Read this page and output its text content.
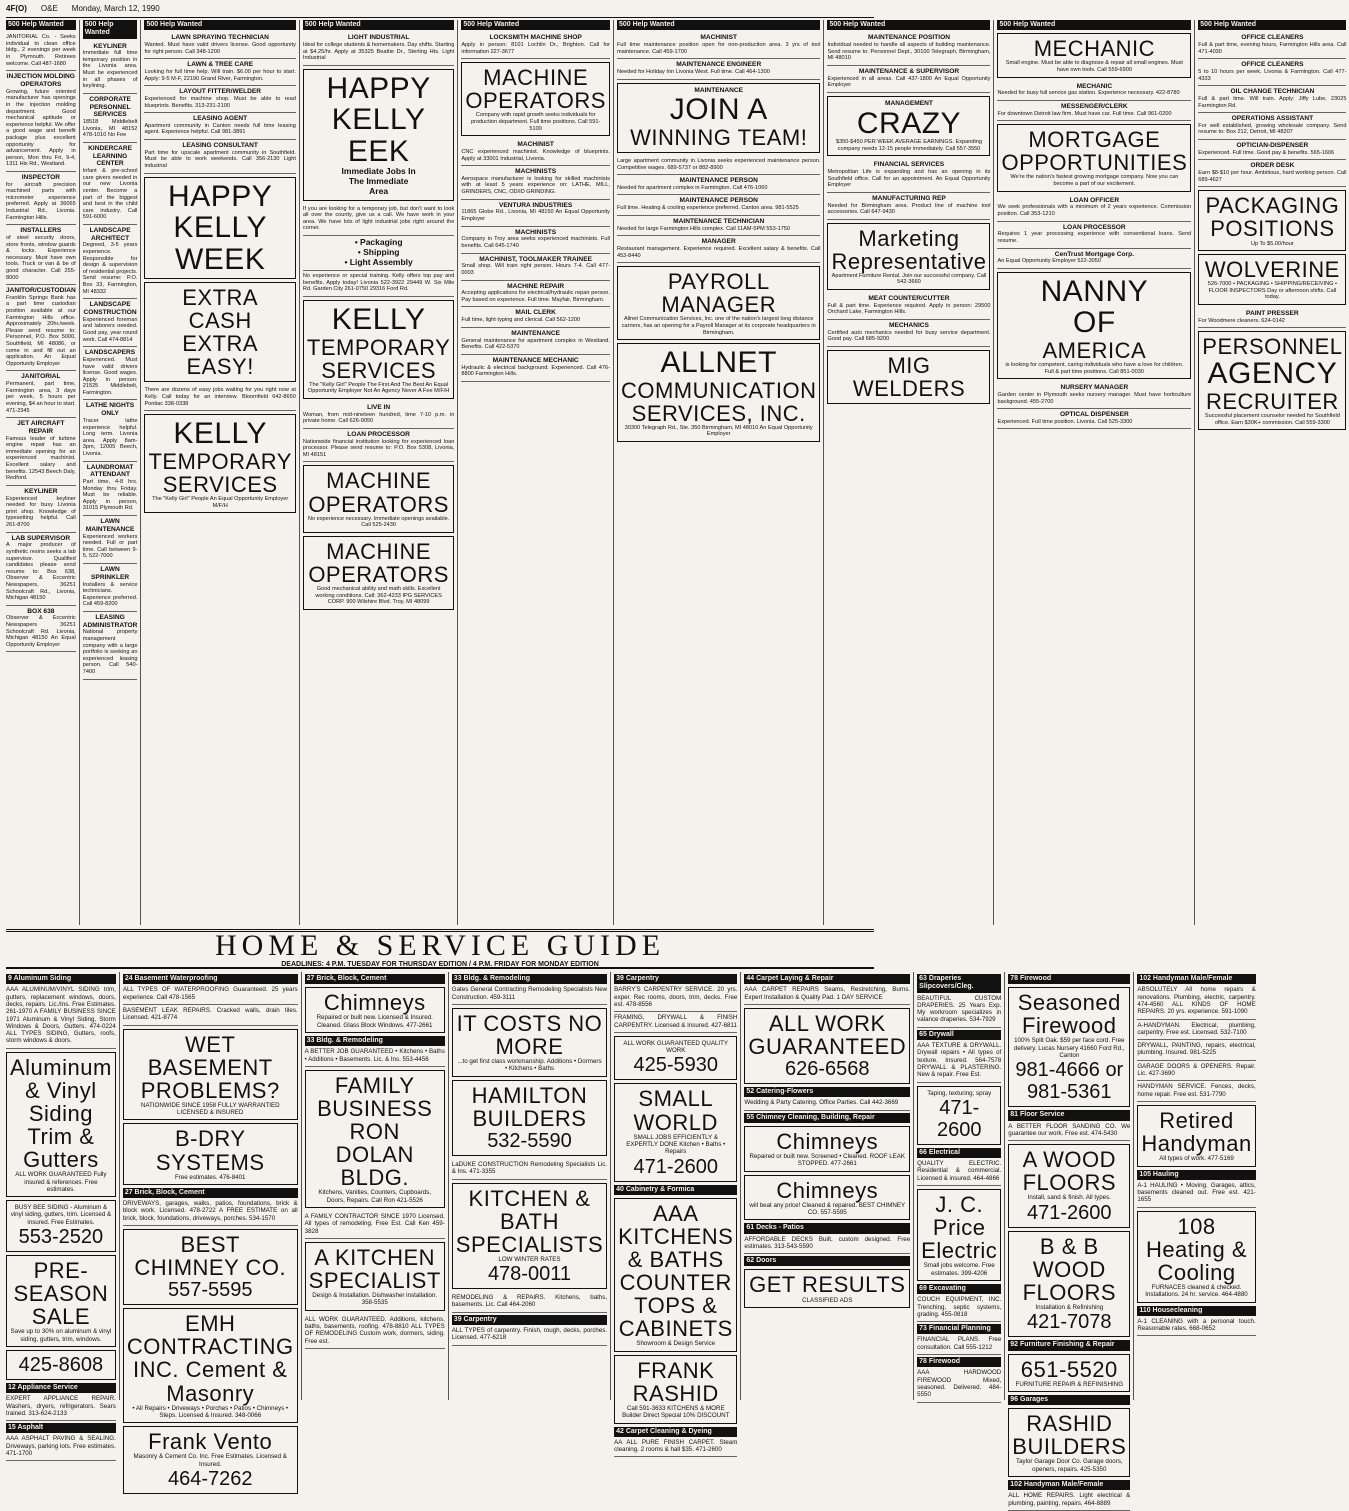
4F(O) O&E Monday, March 12, 1990
500 Help Wanted
JANITORIAL Co. - Seeks individual to clean office bldg., 2 evenings per week in Plymouth. Retirees welcome. Call 487-1680
INJECTION MOLDING OPERATORS
Growing, future oriented manufacturer has openings in the injection molding department. Good mechanical aptitude or experience helpful. We offer a good wage and benefit package plus excellent opportunity for advancement. Apply in person, Mon thru Fri, 9-4, 1311 Hix Rd., Westland.
INSPECTOR
for aircraft precision machined parts with micrometer experience preferred. Apply at 36065 Industrial Rd., Livonia. Farmington Hills.
INSTALLERS
of steel security doors, store fronts, window guards & locks. Experience necessary. Must have own tools. Truck or van & be of good character. Call 255-8000
JANITOR/CUSTODIAN
Franklin Springs Bank has a part time custodian position available at our Farmington Hills office. Approximately 20hr./week. Please send resume to: Personnel, P.O. Box 5000, Southfield, MI 48086, or come in and fill out an application. An Equal Opportunity Employer
JANITORIAL
Permanent, part time, Farmington area, 3 days per week, 5 hours per evening, $4 an hour to start. 471-2345
JET AIRCRAFT REPAIR
Famous leader of turbine engine repair has an immediate opening for an experienced machinist. Excellent salary and benefits. 12543 Beech Daly, Redford.
KEYLINER
Experienced keyliner needed for busy Livonia print shop. Knowledge of typesetting helpful. Call 261-8700
LAB SUPERVISOR
A major producer of synthetic resins seeks a lab supervisor. Qualified candidates please send resume to: Box 638, Observer & Eccentric Newspapers, 36251 Schoolcraft Rd., Livonia, Michigan 48150
BOX 638
Observer & Eccentric Newspapers 36251 Schoolcraft Rd. Livonia, Michigan 48150 An Equal Opportunity Employer
500 Help Wanted
KEYLINER
Immediate full time temporary position in the Livonia area. Must be experienced in all phases of keylining.
CORPORATE PERSONNEL SERVICES
18518 Middlebelt Livonia, MI 48152 478-1010 No Fee
KINDERCARE LEARNING CENTER
Infant & pre-school care givers needed in our new Livonia center. Become a part of the biggest and best in the child care industry. Call 591-6000
LANDSCAPE ARCHITECT
Degreed, 3-5 years experience. Responsible for design & supervision of residential projects. Send resume: P.O. Box 33, Farmington, MI 48332
LANDSCAPE CONSTRUCTION
Experienced foreman and laborers needed. Good pay, year round work. Call 474-8814
LANDSCAPERS
Experienced. Must have valid drivers license. Good wages. Apply in person: 21525 Middlebelt, Farmington.
LATHE NIGHTS ONLY
Tracer lathe experience helpful. Long term. Livonia area. Apply 8am-3pm, 12005 Beech, Livonia.
LAUNDROMAT ATTENDANT
Part time, 4-8 hrs. Monday thru Friday. Must be reliable. Apply in person, 31015 Plymouth Rd.
LAWN MAINTENANCE
Experienced workers needed. Full or part time. Call between 9-5, 522-7000
LAWN SPRINKLER
Installers & service technicians. Experience preferred. Call 459-8200
LEASING ADMINISTRATOR
National property management company with a large portfolio is seeking an experienced leasing person. Call 540-7400
500 Help Wanted
LAWN SPRAYING TECHNICIAN
Wanted. Must have valid drivers license. Good opportunity for right person. Call 348-1200
LAWN & TREE CARE
Looking for full time help. Will train. $6.00 per hour to start. Apply: 9-5 M-F, 22190 Grand River, Farmington.
LAYOUT FITTER/WELDER
Experienced for machine shop. Must be able to read blueprints. Benefits. 313-231-2100
LEASING AGENT
Apartment community in Canton needs full time leasing agent. Experience helpful. Call 981-3891
LEASING CONSULTANT
Part time for upscale apartment community in Southfield. Must be able to work weekends. Call 356-2130 Light industrial
HAPPY
KELLY
WEEK
EXTRA CASH
EXTRA EASY!
There are dozens of easy jobs waiting for you right now at Kelly. Call today for an interview. Bloomfield 642-8650 Pontiac 338-0338
KELLY
TEMPORARY
SERVICES
The "Kelly Girl" People An Equal Opportunity Employer M/F/H
500 Help Wanted
LIGHT INDUSTRIAL
Ideal for college students & homemakers. Day shifts. Starting at $4.25/hr. Apply at 35325 Beattie Dr., Sterling Hts. Light Industrial
HAPPY
KELLY
EEK
Immediate Jobs In
The Immediate
Area
If you are looking for a temporary job, but don't want to look all over the county, give us a call. We have work in your area. We have lots of light industrial jobs right around the corner.
• Packaging
• Shipping
• Light Assembly
No experience or special training. Kelly offers top pay and benefits. Apply today! Livonia 522-3922 29449 W. Six Mile Rd. Garden City 261-0750 29316 Ford Rd.
KELLY
TEMPORARY
SERVICES
The "Kelly Girl" People The First And The Best An Equal Opportunity Employer Not An Agency Never A Fee M/F/H
LIVE IN
Woman, from mid-nineteen hundred, time 7-10 p.m. in private home. Call 626-9050
LOAN PROCESSOR
Nationwide financial institution looking for experienced loan processor. Please send resume to: P.O. Box 5308, Livonia, MI 48151
MACHINE
OPERATORS
No experience necessary. Immediate openings available. Call 525-2430
MACHINE
OPERATORS
Good mechanical ability and math skills. Excellent working conditions. Call: 362-4233 IPG SERVICES CORP. 900 Wilshire Blvd. Troy, MI 48099
500 Help Wanted
LOCKSMITH MACHINE SHOP
Apply in person: 8101 Lochlin Dr., Brighton. Call for information 227-3677
MACHINE
OPERATORS
Company with rapid growth seeks individuals for production department. Full time positions. Call 591-5100
MACHINIST
CNC experienced machinist. Knowledge of blueprints. Apply at 33001 Industrial, Livonia.
MACHINISTS
Aerospace manufacturer is looking for skilled machinists with at least 5 years experience on: LATHE, MILL, GRINDERS, CNC, OD/ID GRINDING.
VENTURA INDUSTRIES
11865 Globe Rd., Livonia, MI 48150 An Equal Opportunity Employer
MACHINISTS
Company in Troy area seeks experienced machinists. Full benefits. Call 645-1740
MACHINIST, TOOLMAKER TRAINEE
Small shop. Will train right person. Hours 7-4. Call 477-0003
MACHINE REPAIR
Accepting applications for electrical/hydraulic repair person. Pay based on experience. Full time. Mayfair, Birmingham.
MAIL CLERK
Full time, light typing and clerical. Call 562-1200
MAINTENANCE
General maintenance for apartment complex in Westland. Benefits. Call 422-5370
MAINTENANCE MECHANIC
Hydraulic & electrical background. Experienced. Call 476-8800 Farmington Hills.
500 Help Wanted
MACHINIST
Full time maintenance position open for non-production area. 3 yrs of tool maintenance. Call 459-1700
MAINTENANCE ENGINEER
Needed for Holiday Inn Livonia West. Full time. Call 464-1300
MAINTENANCE
JOIN A
WINNING TEAM!
Large apartment community in Livonia seeks experienced maintenance person. Competitive wages. 689-5737 or 882-8900
MAINTENANCE PERSON
Needed for apartment complex in Farmington. Call 476-1060
MAINTENANCE PERSON
Full time. Heating & cooling experience preferred. Canton area. 981-5525
MAINTENANCE TECHNICIAN
Needed for large Farmington Hills complex. Call 11AM-5PM 553-1750
MANAGER
Restaurant management. Experience required. Excellent salary & benefits. Call 453-8440
PAYROLL
MANAGER
Allnet Communication Services, Inc. one of the nation's largest long distance carriers, has an opening for a Payroll Manager at its corporate headquarters in Birmingham.
ALLNET
COMMUNICATION
SERVICES, INC.
30300 Telegraph Rd., Ste. 350 Birmingham, MI 48010 An Equal Opportunity Employer
500 Help Wanted
MAINTENANCE POSITION
Individual needed to handle all aspects of building maintenance. Send resume to: Personnel Dept., 30100 Telegraph, Birmingham, MI 48010
MAINTENANCE & SUPERVISOR
Experienced in all areas. Call 437-1800 An Equal Opportunity Employer
MANAGEMENT
CRAZY
$350-$450 PER WEEK AVERAGE EARNINGS. Expanding company needs 12-15 people immediately. Call 557-3550
FINANCIAL SERVICES
Metropolitan Life is expanding and has an opening in its Southfield office. Call for an appointment. An Equal Opportunity Employer
MANUFACTURING REP
Needed for Birmingham area. Product line of machine tool accessories. Call 647-9430
Marketing
Representative
Apartment Furniture Rental. Join our successful company. Call 542-3660
MEAT COUNTER/CUTTER
Full & part time. Experience required. Apply in person: 29500 Orchard Lake, Farmington Hills.
MECHANICS
Certified auto mechanics needed for busy service department. Good pay. Call 685-9200
MIG WELDERS
500 Help Wanted
MECHANIC
Small engine. Must be able to diagnose & repair all small engines. Must have own tools. Call 559-6900
MECHANIC
Needed for busy full service gas station. Experience necessary. 422-8780
MESSENGER/CLERK
For downtown Detroit law firm. Must have car. Full time. Call 961-0200
MORTGAGE
OPPORTUNITIES
We're the nation's fastest growing mortgage company. Now you can become a part of our excitement.
LOAN OFFICER
We seek professionals with a minimum of 2 years experience. Commission position. Call 353-1210
LOAN PROCESSOR
Requires 1 year processing experience with conventional loans. Send resume.
CenTrust Mortgage Corp.
An Equal Opportunity Employer 522-3050
NANNY
OF
AMERICA
is looking for competent, caring individuals who have a love for children. Full & part time positions. Call 851-0030
NURSERY MANAGER
Garden center in Plymouth seeks nursery manager. Must have horticulture background. 455-2700
OPTICAL DISPENSER
Experienced. Full time position. Livonia. Call 525-3300
500 Help Wanted
OFFICE CLEANERS
Full & part time, evening hours, Farmington Hills area. Call 471-4030
OFFICE CLEANERS
5 to 10 hours per week. Livonia & Farmington. Call 477-4333
OIL CHANGE TECHNICIAN
Full & part time. Will train. Apply: Jiffy Lube, 23025 Farmington Rd.
OPERATIONS ASSISTANT
For well established, growing wholesale company. Send resume to: Box 212, Detroit, MI 48207
OPTICIAN-DISPENSER
Experienced. Full time. Good pay & benefits. 565-1606
ORDER DESK
Earn $8-$10 per hour. Ambitious, hard working person. Call 689-4627
PACKAGING
POSITIONS
Up To $5.00/hour
WOLVERINE
526-7000 • PACKAGING • SHIPPING/RECEIVING • FLOOR INSPECTORS Day or afternoon shifts. Call today.
PAINT PRESSER
For Woodmere cleaners. 624-0142
PERSONNEL
AGENCY
RECRUITER
Successful placement counselor needed for Southfield office. Earn $30K+ commission. Call 559-3300
HOME & SERVICE GUIDE
DEADLINES: 4 P.M. TUESDAY FOR THURSDAY EDITION / 4 P.M. FRIDAY FOR MONDAY EDITION
9 Aluminum Siding
AAA ALUMINUM/VINYL SIDING trim, gutters, replacement windows, doors, decks, repairs. Lic./Ins. Free Estimates. 261-1970 A FAMILY BUSINESS SINCE 1971 Aluminum & Vinyl Siding, Storm Windows & Doors, Gutters. 474-0224 ALL TYPES SIDING, Gutters, roofs, storm windows & doors.
Aluminum & Vinyl Siding Trim & Gutters
ALL WORK GUARANTEED Fully insured & references. Free estimates.
BUSY BEE SIDING - Aluminum & vinyl siding, gutters, trim. Licensed & insured. Free Estimates.
553-2520
PRE-SEASON SALE
Save up to 30% on aluminum & vinyl siding, gutters, trim, windows.
425-8608
12 Appliance Service
EXPERT APPLIANCE REPAIR. Washers, dryers, refrigerators. Sears trained. 313-624-2133
15 Asphalt
AAA ASPHALT PAVING & SEALING. Driveways, parking lots. Free estimates. 471-1700
24 Basement Waterproofing
ALL TYPES OF WATERPROOFING Guaranteed. 25 years experience. Call 478-1565
BASEMENT LEAK REPAIRS. Cracked walls, drain tiles. Licensed. 421-8774
WET BASEMENT PROBLEMS?
NATIONWIDE SINCE 1958 FULLY WARRANTIED LICENSED & INSURED
B-DRY SYSTEMS
Free estimates. 476-8401
27 Brick, Block, Cement
DRIVEWAYS, garages, walks, patios, foundations, brick & block work. Licensed. 478-2722 A FREE ESTIMATE on all brick, block, foundations, driveways, porches. 534-1570
BEST CHIMNEY CO.
557-5595
EMH CONTRACTING INC. Cement & Masonry
• All Repairs • Driveways • Porches • Patios • Chimneys • Steps. Licensed & Insured. 348-0066
Frank Vento
Masonry & Cement Co. Inc. Free Estimates. Licensed & Insured.
464-7262
27 Brick, Block, Cement
Chimneys
Repaired or built new. Licensed & Insured. Cleaned. Glass Block Windows. 477-2661
33 Bldg. & Remodeling
A BETTER JOB GUARANTEED • Kitchens • Baths • Additions • Basements. Lic. & Ins. 553-4456
FAMILY BUSINESS RON DOLAN BLDG.
Kitchens, Vanities, Counters, Cupboards, Doors, Repairs. Call Ron 421-5526
A FAMILY CONTRACTOR SINCE 1970 Licensed. All types of remodeling. Free Est. Call Ken 459-3828
A KITCHEN SPECIALIST
Design & Installation. Dishwasher installation. 358-5535
ALL WORK GUARANTEED. Additions, kitchens, baths, basements, roofing. 478-8810 ALL TYPES OF REMODELING Custom work, dormers, siding. Free est.
33 Bldg. & Remodeling
Gates General Contracting Remodeling Specialists New Construction. 459-3111
IT COSTS NO MORE
...to get first class workmanship. Additions • Dormers • Kitchens • Baths
HAMILTON BUILDERS
532-5590
LaDUKE CONSTRUCTION Remodeling Specialists Lic. & Ins. 471-3355
KITCHEN & BATH SPECIALISTS
LOW WINTER RATES
478-0011
REMODELING & REPAIRS. Kitchens, baths, basements. Lic. Call 464-2060
39 Carpentry
ALL TYPES of carpentry. Finish, rough, decks, porches. Licensed. 477-6218
39 Carpentry
BARRY'S CARPENTRY SERVICE. 20 yrs. exper. Rec rooms, doors, trim, decks. Free est. 478-8556
FRAMING, DRYWALL & FINISH CARPENTRY. Licensed & Insured. 427-6811
ALL WORK GUARANTEED QUALITY WORK
425-5930
SMALL WORLD
SMALL JOBS EFFICIENTLY & EXPERTLY DONE Kitchen • Baths • Repairs
471-2600
40 Cabinetry & Formica
AAA KITCHENS & BATHS COUNTER TOPS & CABINETS
Showroom & Design Service
FRANK RASHID
Call 591-3633 KITCHENS & MORE Builder Direct Special 10% DISCOUNT
42 Carpet Cleaning & Dyeing
AA ALL PURE FINISH CARPET. Steam cleaning. 2 rooms & hall $35. 471-2600
44 Carpet Laying & Repair
AAA CARPET REPAIRS Seams, Restretching, Burns. Expert Installation & Quality Pad. 1 DAY SERVICE
ALL WORK GUARANTEED
626-6568
52 Catering-Flowers
Wedding & Party Catering. Office Parties. Call 442-3669
55 Chimney Cleaning, Building, Repair
Chimneys
Repaired or built new. Screened • Cleaned. ROOF LEAK STOPPED. 477-2661
Chimneys
will beat any price! Cleaned & repaired. BEST CHIMNEY CO. 557-5595
61 Decks - Patios
AFFORDABLE DECKS Built, custom designed. Free estimates. 313-543-5590
62 Doors
GET RESULTS
CLASSIFIED ADS
63 Draperies Slipcovers/Cleg.
BEAUTIFUL CUSTOM DRAPERIES. 25 Years Exp. My workroom specializes in valance draperies. 534-7929
65 Drywall
AAA TEXTURE & DRYWALL. Drywall repairs • All types of texture. Insured. 564-7578 DRYWALL & PLASTERING. New & repair. Free Est.
Taping, texturing, spray
471-2600
66 Electrical
QUALITY ELECTRIC. Residential & commercial. Licensed & insured. 464-4866
J. C. Price Electric
Small jobs welcome. Free estimates. 399-4206
69 Excavating
COUCH EQUIPMENT, INC. Trenching, septic systems, grading. 455-0818
73 Financial Planning
FINANCIAL PLANS. Free consultation. Call 555-1212
78 Firewood
AAA HARDWOOD FIREWOOD Mixed, seasoned. Delivered. 484-5550
78 Firewood
Seasoned Firewood
100% Split Oak. $59 per face cord. Free delivery. Lucas Nursery 41660 Ford Rd., Canton
981-4666 or 981-5361
81 Floor Service
A BETTER FLOOR SANDING CO. We guarantee our work. Free est. 474-5430
A WOOD FLOORS
Install, sand & finish. All types.
471-2600
B & B WOOD FLOORS
Installation & Refinishing
421-7078
92 Furniture Finishing & Repair
651-5520
FURNITURE REPAIR & REFINISHING
96 Garages
RASHID BUILDERS
Taylor Garage Door Co. Garage doors, openers, repairs. 425-5350
102 Handyman Male/Female
ALL HOME REPAIRS. Light electrical & plumbing, painting, repairs. 464-8889
102 Handyman Male/Female
ABSOLUTELY All home repairs & renovations. Plumbing, electric, carpentry. 474-4560 ALL KINDS OF HOME REPAIRS. 20 yrs. experience. 591-1090
A-HANDYMAN. Electrical, plumbing, carpentry. Free est. Licensed. 532-7100
DRYWALL, PAINTING, repairs, electrical, plumbing. Insured. 981-5225
GARAGE DOORS & OPENERS. Repair. Lic. 427-3690
HANDYMAN SERVICE. Fences, decks, home repair. Free est. 531-7790
Retired Handyman
All types of work. 477-5169
105 Hauling
A-1 HAULING • Moving. Garages, attics, basements cleaned out. Free est. 421-1655
108 Heating & Cooling
FURNACES cleaned & checked. Installations. 24 hr. service. 464-4880
110 Housecleaning
A-1 CLEANING with a personal touch. Reasonable rates. 668-0652
